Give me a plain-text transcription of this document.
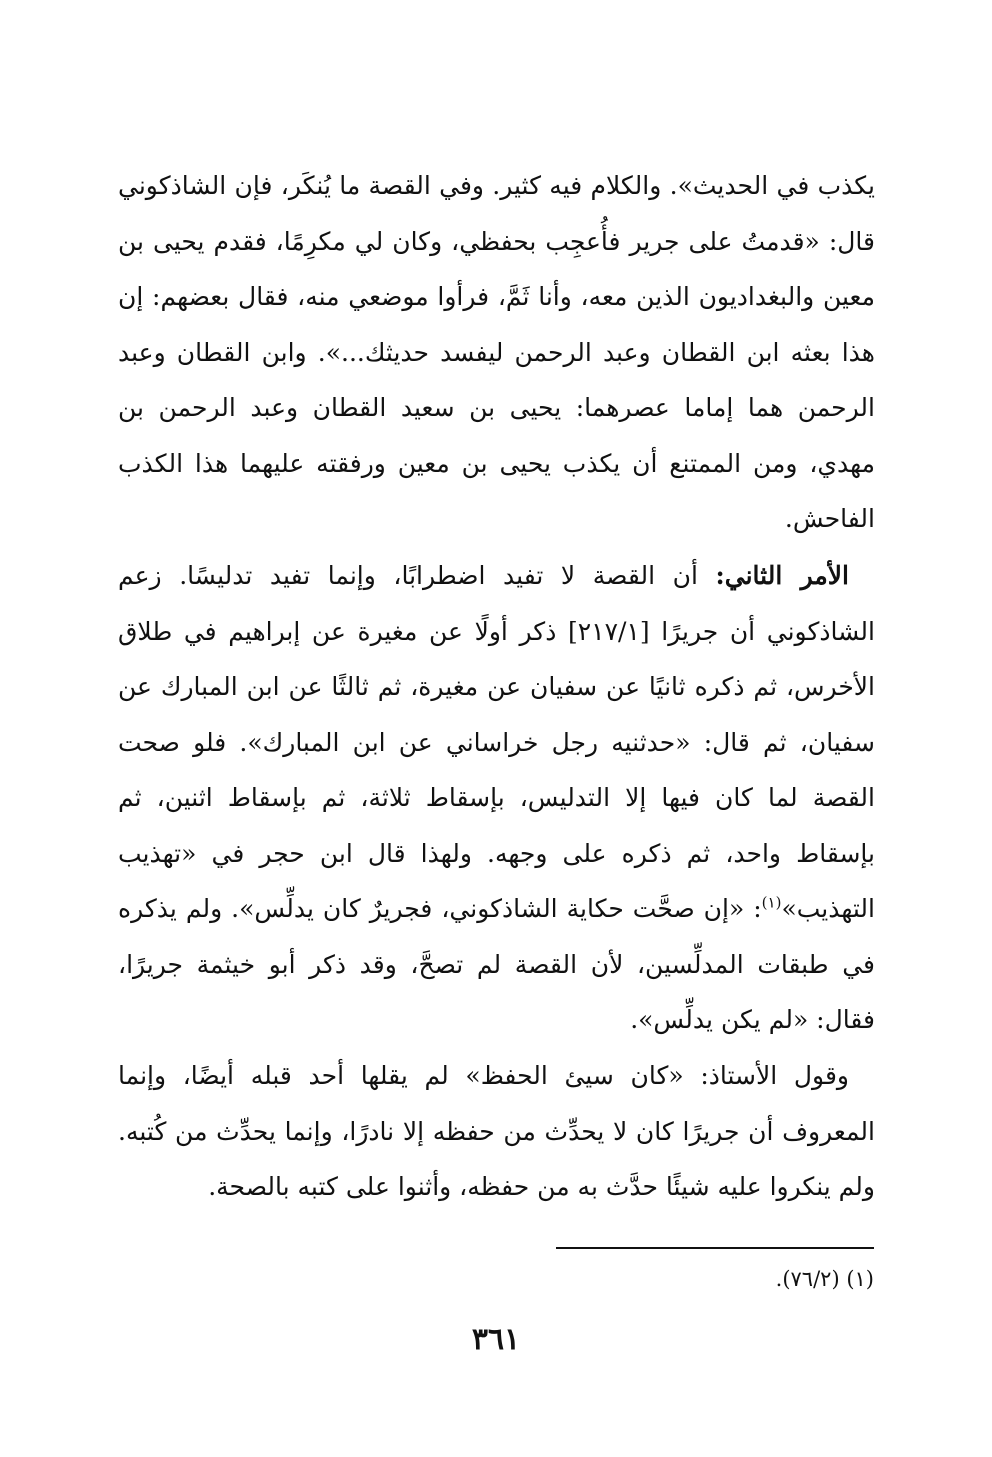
يكذب في الحديث». والكلام فيه كثير. وفي القصة ما يُنكَر، فإن الشاذكوني قال: «قدمتُ على جرير فأُعجِب بحفظي، وكان لي مكرِمًا، فقدم يحيى بن معين والبغداديون الذين معه، وأنا ثَمَّ، فرأوا موضعي منه، فقال بعضهم: إن هذا بعثه ابن القطان وعبد الرحمن ليفسد حديثك...». وابن القطان وعبد الرحمن هما إماما عصرهما: يحيى بن سعيد القطان وعبد الرحمن بن مهدي، ومن الممتنع أن يكذب يحيى بن معين ورفقته عليهما هذا الكذب الفاحش.

الأمر الثاني: أن القصة لا تفيد اضطرابًا، وإنما تفيد تدليسًا. زعم الشاذكوني أن جريرًا [٢١٧/١] ذكر أولًا عن مغيرة عن إبراهيم في طلاق الأخرس، ثم ذكره ثانيًا عن سفيان عن مغيرة، ثم ثالثًا عن ابن المبارك عن سفيان، ثم قال: «حدثنيه رجل خراساني عن ابن المبارك». فلو صحت القصة لما كان فيها إلا التدليس، بإسقاط ثلاثة، ثم بإسقاط اثنين، ثم بإسقاط واحد، ثم ذكره على وجهه. ولهذا قال ابن حجر في «تهذيب التهذيب»$^{(١)}$: «إن صحَّت حكاية الشاذكوني، فجريرٌ كان يدلِّس». ولم يذكره في طبقات المدلِّسين، لأن القصة لم تصحَّ، وقد ذكر أبو خيثمة جريرًا، فقال: «لم يكن يدلِّس».

وقول الأستاذ: «كان سيئ الحفظ» لم يقلها أحد قبله أيضًا، وإنما المعروف أن جريرًا كان لا يحدِّث من حفظه إلا نادرًا، وإنما يحدِّث من كُتبه. ولم ينكروا عليه شيئًا حدَّث به من حفظه، وأثنوا على كتبه بالصحة.

(١) (٧٦/٢).
٣٦١
